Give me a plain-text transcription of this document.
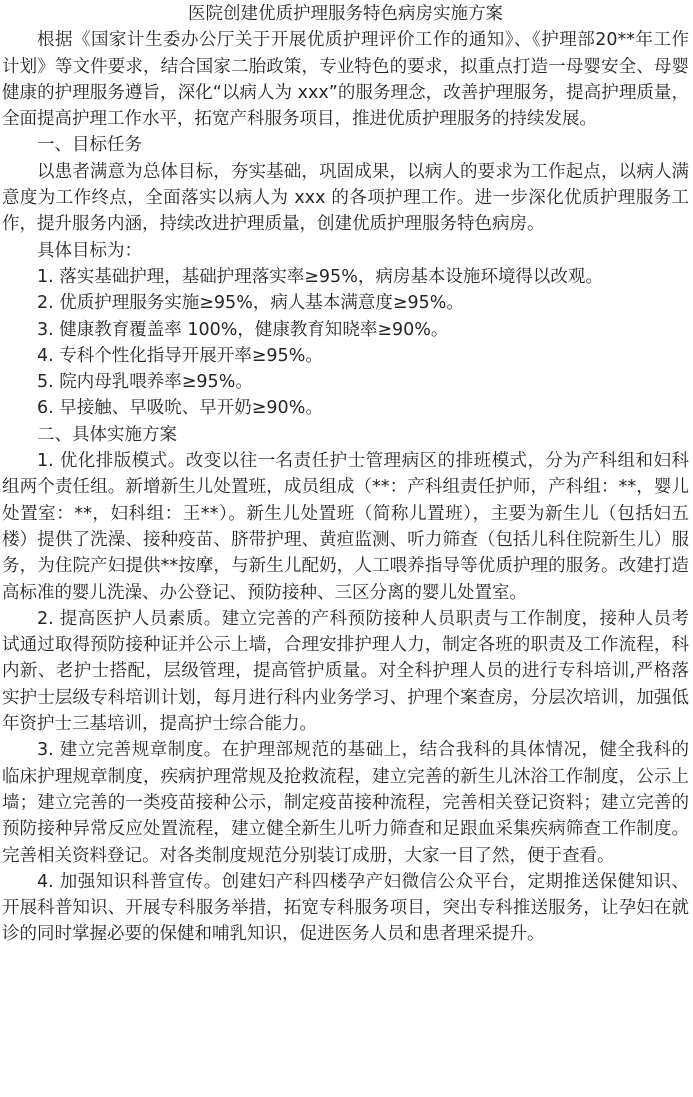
医院创建优质护理服务特色病房实施方案

根据《国家计生委办公厅关于开展优质护理评价工作的通知》、《护理部20**年工作计划》等文件要求，结合国家二胎政策，专业特色的要求，拟重点打造一母婴安全、母婴健康的护理服务遵旨，深化“以病人为 xxx”的服务理念，改善护理服务，提高护理质量，全面提高护理工作水平，拓宽产科服务项目，推进优质护理服务的持续发展。

一、目标任务

以患者满意为总体目标，夯实基础，巩固成果，以病人的要求为工作起点，以病人满意度为工作终点，全面落实以病人为 xxx 的各项护理工作。进一步深化优质护理服务工作，提升服务内涵，持续改进护理质量，创建优质护理服务特色病房。

具体目标为：

1. 落实基础护理，基础护理落实率≥95%，病房基本设施环境得以改观。

2. 优质护理服务实施≥95%，病人基本满意度≥95%。

3. 健康教育覆盖率 100%，健康教育知晓率≥90%。

4. 专科个性化指导开展开率≥95%。

5. 院内母乳喂养率≥95%。

6. 早接触、早吸吮、早开奶≥90%。

二、具体实施方案

1. 优化排版模式。改变以往一名责任护士管理病区的排班模式，分为产科组和妇科组两个责任组。新增新生儿处置班，成员组成（**：产科组责任护师，产科组：**，婴儿处置室：**，妇科组：王**）。新生儿处置班（简称儿置班），主要为新生儿（包括妇五楼）提供了洗澡、接种疫苗、脐带护理、黄疸监测、听力筛查（包括儿科住院新生儿）服务，为住院产妇提供**按摩，与新生儿配奶，人工喂养指导等优质护理的服务。改建打造高标准的婴儿洗澡、办公登记、预防接种、三区分离的婴儿处置室。

2. 提高医护人员素质。建立完善的产科预防接种人员职责与工作制度，接种人员考试通过取得预防接种证并公示上墙，合理安排护理人力，制定各班的职责及工作流程，科内新、老护士搭配，层级管理，提高管护质量。对全科护理人员的进行专科培训,严格落实护士层级专科培训计划，每月进行科内业务学习、护理个案查房，分层次培训，加强低年资护士三基培训，提高护士综合能力。

3. 建立完善规章制度。在护理部规范的基础上，结合我科的具体情况，健全我科的临床护理规章制度，疾病护理常规及抢救流程，建立完善的新生儿沐浴工作制度，公示上墙；建立完善的一类疫苗接种公示，制定疫苗接种流程，完善相关登记资料；建立完善的预防接种异常反应处置流程，建立健全新生儿听力筛查和足跟血采集疾病筛查工作制度。完善相关资料登记。对各类制度规范分别装订成册，大家一目了然，便于查看。

4. 加强知识科普宣传。创建妇产科四楼孕产妇微信公众平台，定期推送保健知识、开展科普知识、开展专科服务举措，拓宽专科服务项目，突出专科推送服务，让孕妇在就诊的同时掌握必要的保健和哺乳知识，促进医务人员和患者理采提升。
